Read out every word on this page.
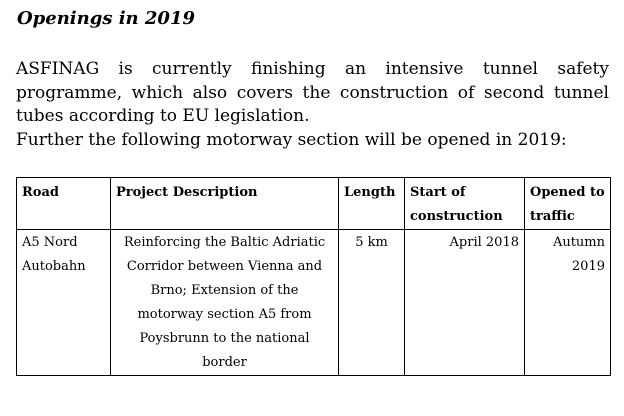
Openings in 2019
ASFINAG is currently finishing an intensive tunnel safety
programme, which also covers the construction of second tunnel
tubes according to EU legislation.
Further the following motorway section will be opened in 2019:
Road	Project Description	Length	Start of construction	Opened to traffic
A5 Nord Autobahn	Reinforcing the Baltic Adriatic Corridor between Vienna and Brno; Extension of the motorway section A5 from Poysbrunn to the national border	5 km	April 2018	Autumn 2019
